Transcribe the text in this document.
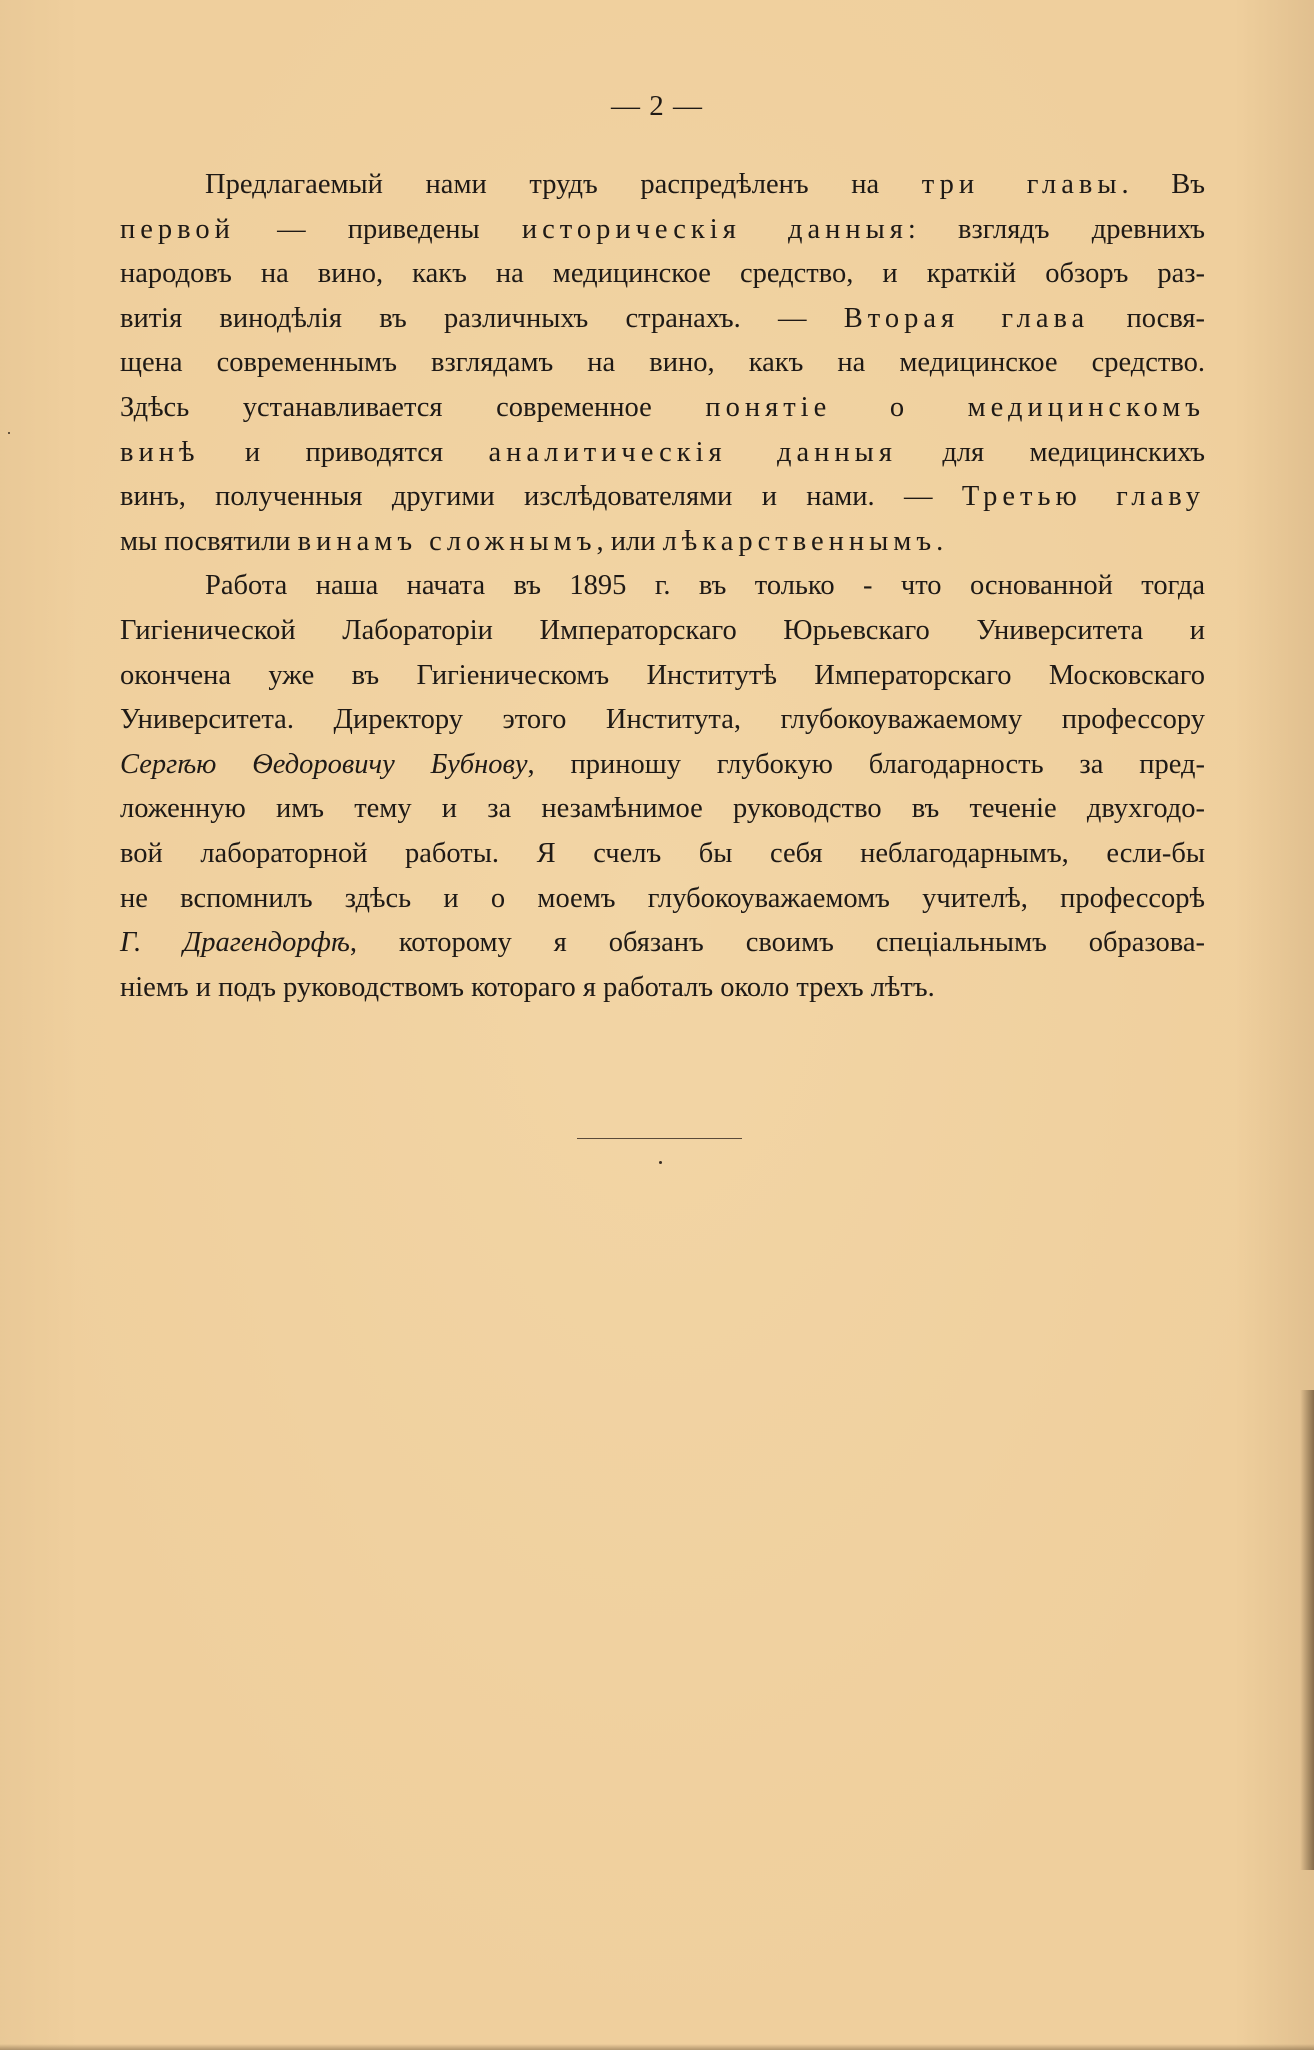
— 2 —
Предлагаемый нами трудъ распредѣленъ на три главы. Въ
первой — приведены историческія данныя: взглядъ древнихъ
народовъ на вино, какъ на медицинское средство, и краткій обзоръ раз-
витія винодѣлія въ различныхъ странахъ. — Вторая глава посвя-
щена современнымъ взглядамъ на вино, какъ на медицинское средство.
Здѣсь устанавливается современное понятіе о медицинскомъ
винѣ и приводятся аналитическія данныя для медицинскихъ
винъ, полученныя другими изслѣдователями и нами. — Третью главу
мы посвятили винамъ сложнымъ, или лѣкарственнымъ.
Работа наша начата въ 1895 г. въ только - что основанной тогда
Гигіенической Лабораторіи Императорскаго Юрьевскаго Университета и
окончена уже въ Гигіеническомъ Институтѣ Императорскаго Московскаго
Университета. Директору этого Института, глубокоуважаемому профессору
Сергѣю Ѳедоровичу Бубнову, приношу глубокую благодарность за пред-
ложенную имъ тему и за незамѣнимое руководство въ теченіе двухгодо-
вой лабораторной работы. Я счелъ бы себя неблагодарнымъ, если-бы
не вспомнилъ здѣсь и о моемъ глубокоуважаемомъ учителѣ, профессорѣ
Г. Драгендорфѣ, которому я обязанъ своимъ спеціальнымъ образова-
ніемъ и подъ руководствомъ котораго я работалъ около трехъ лѣтъ.
